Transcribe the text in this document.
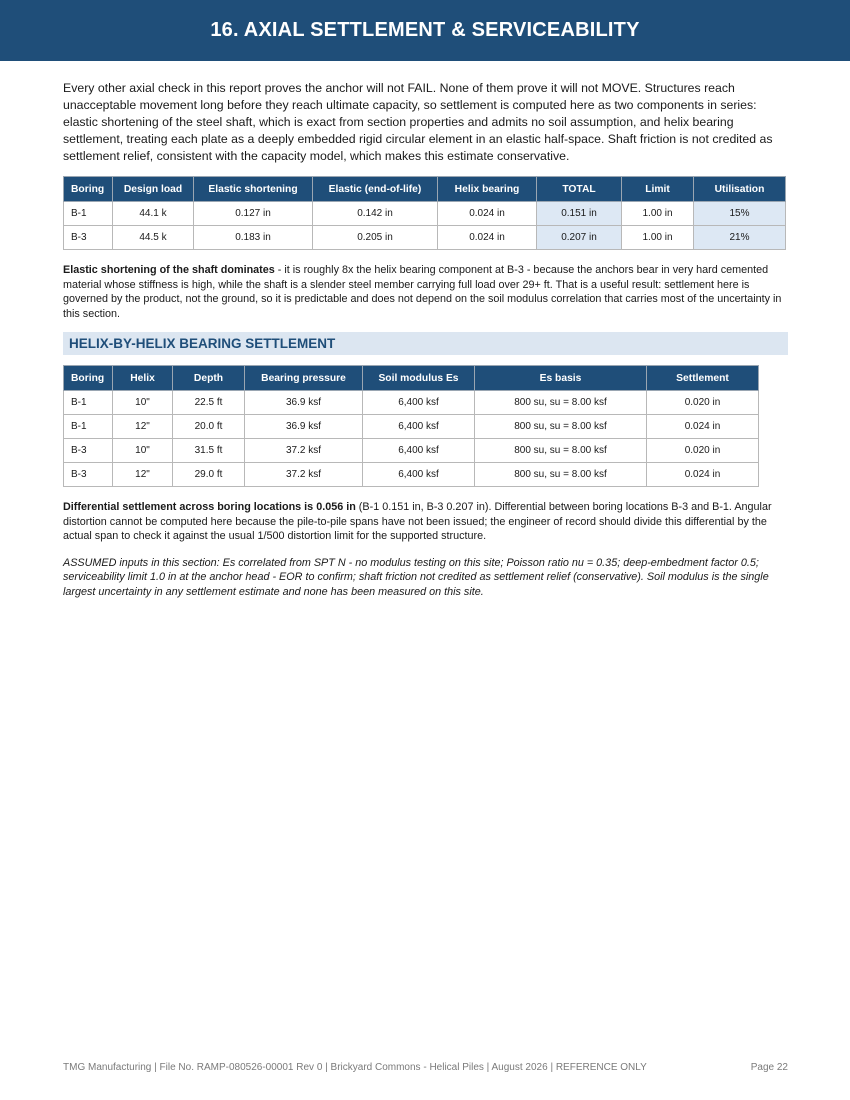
16. AXIAL SETTLEMENT & SERVICEABILITY

Every other axial check in this report proves the anchor will not FAIL. None of them prove it will not MOVE. Structures reach unacceptable movement long before they reach ultimate capacity, so settlement is computed here as two components in series: elastic shortening of the steel shaft, which is exact from section properties and admits no soil assumption, and helix bearing settlement, treating each plate as a deeply embedded rigid circular element in an elastic half-space. Shaft friction is not credited as settlement relief, consistent with the capacity model, which makes this estimate conservative.

Boring	Design load	Elastic shortening	Elastic (end-of-life)	Helix bearing	TOTAL	Limit	Utilisation
B-1	44.1 k	0.127 in	0.142 in	0.024 in	0.151 in	1.00 in	15%
B-3	44.5 k	0.183 in	0.205 in	0.024 in	0.207 in	1.00 in	21%

Elastic shortening of the shaft dominates - it is roughly 8x the helix bearing component at B-3 - because the anchors bear in very hard cemented material whose stiffness is high, while the shaft is a slender steel member carrying full load over 29+ ft. That is a useful result: settlement here is governed by the product, not the ground, so it is predictable and does not depend on the soil modulus correlation that carries most of the uncertainty in this section.

HELIX-BY-HELIX BEARING SETTLEMENT
Boring	Helix	Depth	Bearing pressure	Soil modulus Es	Es basis	Settlement
B-1	10"	22.5 ft	36.9 ksf	6,400 ksf	800 su, su = 8.00 ksf	0.020 in
B-1	12"	20.0 ft	36.9 ksf	6,400 ksf	800 su, su = 8.00 ksf	0.024 in
B-3	10"	31.5 ft	37.2 ksf	6,400 ksf	800 su, su = 8.00 ksf	0.020 in
B-3	12"	29.0 ft	37.2 ksf	6,400 ksf	800 su, su = 8.00 ksf	0.024 in

Differential settlement across boring locations is 0.056 in (B-1 0.151 in, B-3 0.207 in). Differential between boring locations B-3 and B-1. Angular distortion cannot be computed here because the pile-to-pile spans have not been issued; the engineer of record should divide this differential by the actual span to check it against the usual 1/500 distortion limit for the supported structure.

ASSUMED inputs in this section: Es correlated from SPT N - no modulus testing on this site; Poisson ratio nu = 0.35; deep-embedment factor 0.5; serviceability limit 1.0 in at the anchor head - EOR to confirm; shaft friction not credited as settlement relief (conservative). Soil modulus is the single largest uncertainty in any settlement estimate and none has been measured on this site.

TMG Manufacturing | File No. RAMP-080526-00001 Rev 0 | Brickyard Commons - Helical Piles | August 2026 | REFERENCE ONLY	Page 22
